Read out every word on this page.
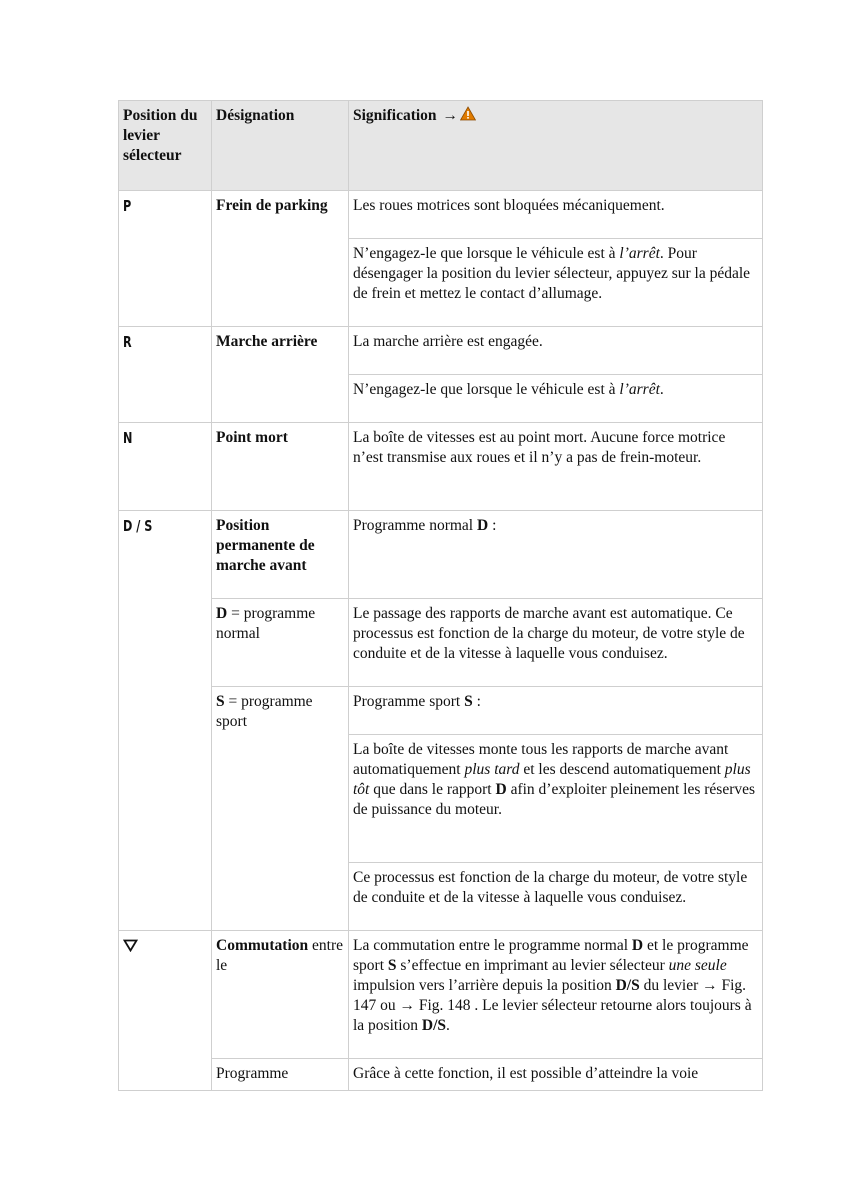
Position du levier sélecteur	Désignation	Signification →
P	Frein de parking	Les roues motrices sont bloquées mécaniquement.
		N’engagez-le que lorsque le véhicule est à l’arrêt. Pour désengager la position du levier sélecteur, appuyez sur la pédale de frein et mettez le contact d’allumage.
R	Marche arrière	La marche arrière est engagée.
		N’engagez-le que lorsque le véhicule est à l’arrêt.
N	Point mort	La boîte de vitesses est au point mort. Aucune force motrice n’est transmise aux roues et il n’y a pas de frein-moteur.
D / S	Position permanente de marche avant	Programme normal D :
	D = programme normal	Le passage des rapports de marche avant est automatique. Ce processus est fonction de la charge du moteur, de votre style de conduite et de la vitesse à laquelle vous conduisez.
	S = programme sport	Programme sport S :
		La boîte de vitesses monte tous les rapports de marche avant automatiquement plus tard et les descend automatiquement plus tôt que dans le rapport D afin d’exploiter pleinement les réserves de puissance du moteur.
		Ce processus est fonction de la charge du moteur, de votre style de conduite et de la vitesse à laquelle vous conduisez.
	Commutation entre le	La commutation entre le programme normal D et le programme sport S s’effectue en imprimant au levier sélecteur une seule impulsion vers l’arrière depuis la position D/S du levier → Fig. 147 ou → Fig. 148 . Le levier sélecteur retourne alors toujours à la position D/S.
	Programme	Grâce à cette fonction, il est possible d’atteindre la voie
